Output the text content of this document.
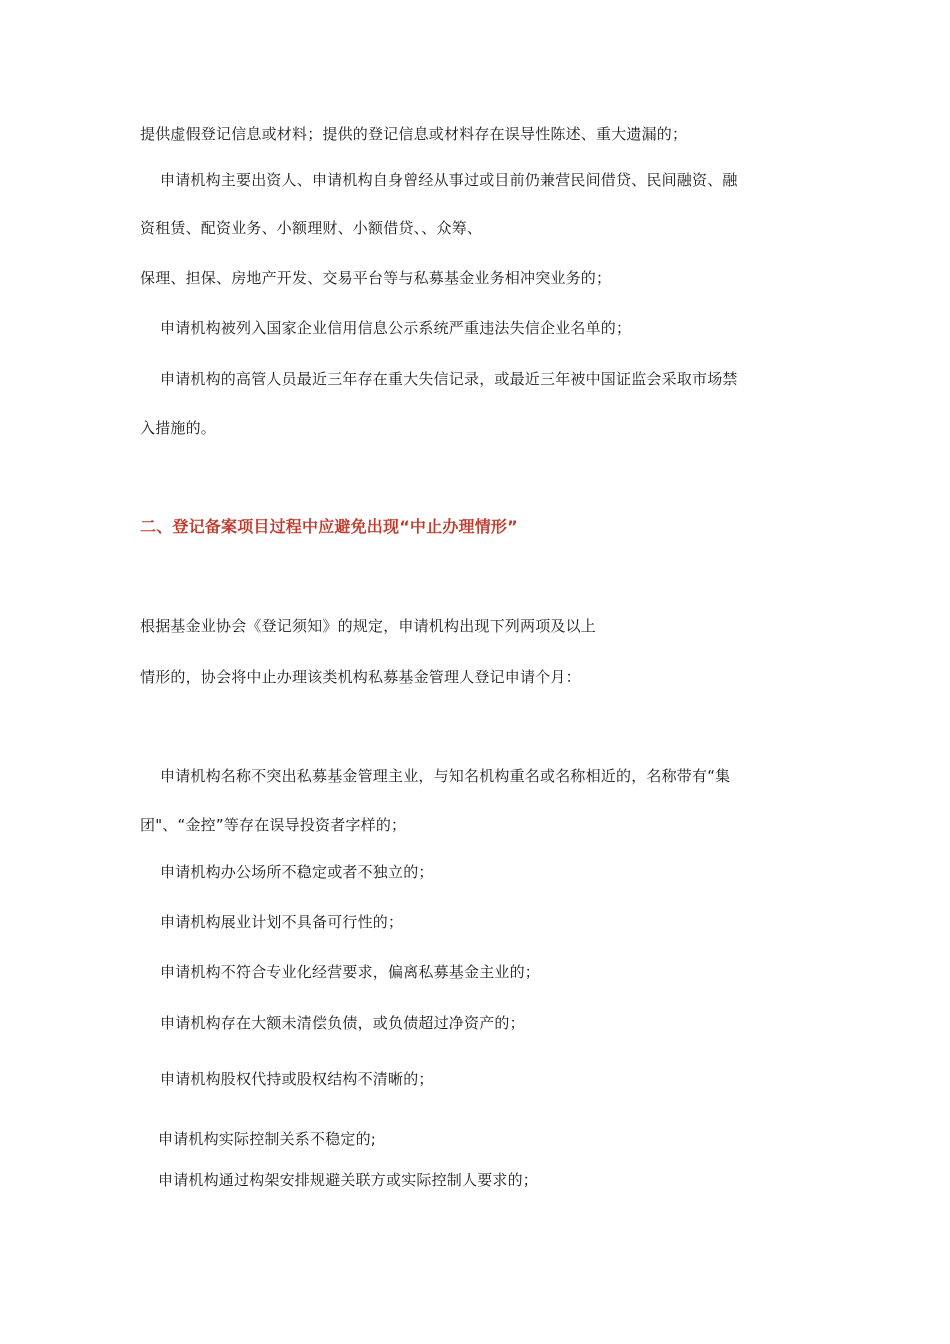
提供虚假登记信息或材料；提供的登记信息或材料存在误导性陈述、重大遗漏的；
申请机构主要出资人、申请机构自身曾经从事过或目前仍兼营民间借贷、民间融资、融
资租赁、配资业务、小额理财、小额借贷、、众筹、
保理、担保、房地产开发、交易平台等与私募基金业务相冲突业务的；
申请机构被列入国家企业信用信息公示系统严重违法失信企业名单的；
申请机构的高管人员最近三年存在重大失信记录，或最近三年被中国证监会采取市场禁
入措施的。
二、登记备案项目过程中应避免出现“中止办理情形”
根据基金业协会《登记须知》的规定，申请机构出现下列两项及以上
情形的，协会将中止办理该类机构私募基金管理人登记申请个月：
申请机构名称不突出私募基金管理主业，与知名机构重名或名称相近的，名称带有“集
团"、“金控”等存在误导投资者字样的；
申请机构办公场所不稳定或者不独立的；
申请机构展业计划不具备可行性的；
申请机构不符合专业化经营要求，偏离私募基金主业的；
申请机构存在大额未清偿负债，或负债超过净资产的；
申请机构股权代持或股权结构不清晰的；
申请机构实际控制关系不稳定的;
申请机构通过构架安排规避关联方或实际控制人要求的；
